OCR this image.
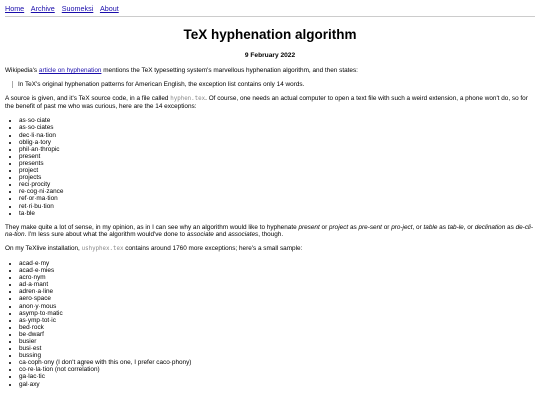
Home Archive Suomeksi About
TeX hyphenation algorithm
9 February 2022

Wikipedia's article on hyphenation mentions the TeX typesetting system's marvellous hyphenation algorithm, and then states:

In TeX's original hyphenation patterns for American English, the exception list contains only 14 words.

A source is given, and it's TeX source code, in a file called hyphen.tex. Of course, one needs an actual computer to open a text file with such a weird extension, a phone won't do, so for the benefit of past me who was curious, here are the 14 exceptions:

• as·so·ciate
• as·so·ciates
• dec·li·na·tion
• oblig·a·tory
• phil·an·thropic
• present
• presents
• project
• projects
• reci·procity
• re·cog·ni·zance
• ref·or·ma·tion
• ret·ri·bu·tion
• ta·ble

They make quite a lot of sense, in my opinion, as in I can see why an algorithm would like to hyphenate present or project as pre-sent or pro-ject, or table as tab-le, or declination as de-cli-na-tion. I'm less sure about what the algorithm would've done to associate and associates, though.

On my TeXlive installation, ushyphex.tex contains around 1760 more exceptions; here's a small sample:

• acad·e·my
• acad·e·mies
• acro·nym
• ad·a·mant
• adren·a·line
• aero·space
• anon·y·mous
• asymp·to·matic
• as·ymp·tot·ic
• bed·rock
• be·dwarf
• busier
• busi·est
• bussing
• ca·coph·ony (I don't agree with this one, I prefer caco·phony)
• co·re·la·tion (not correlation)
• ga·lac·tic
• gal·axy
